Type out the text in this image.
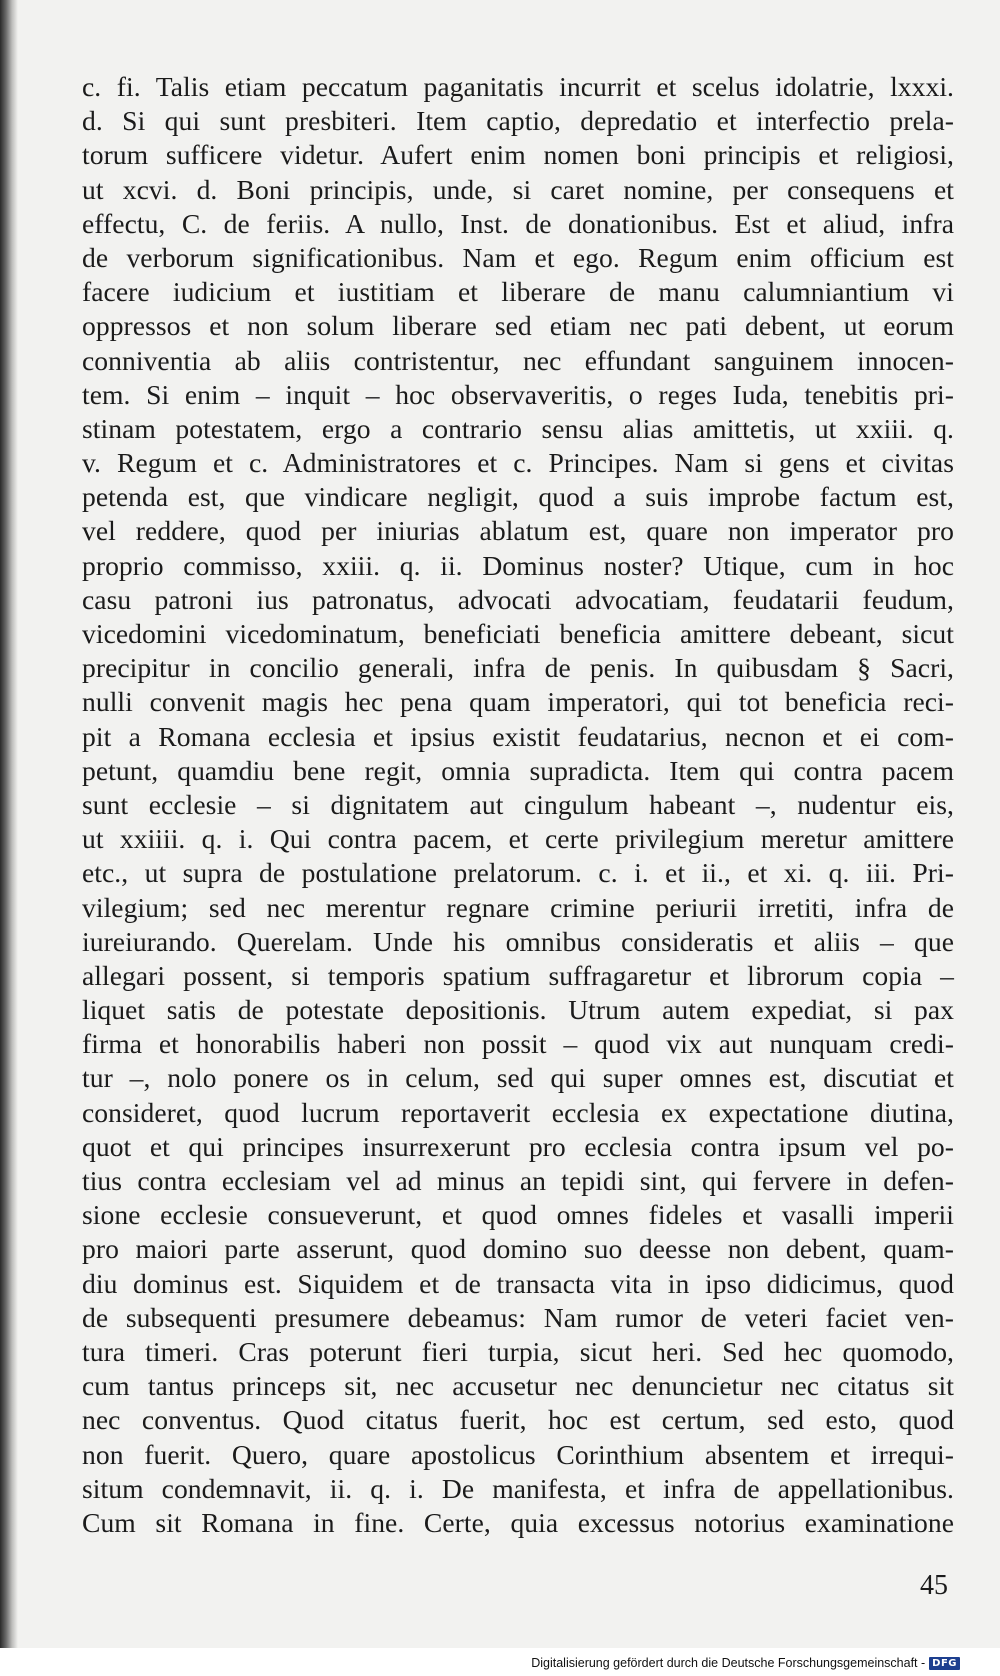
c. fi. Talis etiam peccatum paganitatis incurrit et scelus idolatrie, lxxxi.
d. Si qui sunt presbiteri. Item captio, depredatio et interfectio prela-
torum sufficere videtur. Aufert enim nomen boni principis et religiosi,
ut xcvi. d. Boni principis, unde, si caret nomine, per consequens et
effectu, C. de feriis. A nullo, Inst. de donationibus. Est et aliud, infra
de verborum significationibus. Nam et ego. Regum enim officium est
facere iudicium et iustitiam et liberare de manu calumniantium vi
oppressos et non solum liberare sed etiam nec pati debent, ut eorum
conniventia ab aliis contristentur, nec effundant sanguinem innocen-
tem. Si enim – inquit – hoc observaveritis, o reges Iuda, tenebitis pri-
stinam potestatem, ergo a contrario sensu alias amittetis, ut xxiii. q.
v. Regum et c. Administratores et c. Principes. Nam si gens et civitas
petenda est, que vindicare negligit, quod a suis improbe factum est,
vel reddere, quod per iniurias ablatum est, quare non imperator pro
proprio commisso, xxiii. q. ii. Dominus noster? Utique, cum in hoc
casu patroni ius patronatus, advocati advocatiam, feudatarii feudum,
vicedomini vicedominatum, beneficiati beneficia amittere debeant, sicut
precipitur in concilio generali, infra de penis. In quibusdam § Sacri,
nulli convenit magis hec pena quam imperatori, qui tot beneficia reci-
pit a Romana ecclesia et ipsius existit feudatarius, necnon et ei com-
petunt, quamdiu bene regit, omnia supradicta. Item qui contra pacem
sunt ecclesie – si dignitatem aut cingulum habeant –, nudentur eis,
ut xxiiii. q. i. Qui contra pacem, et certe privilegium meretur amittere
etc., ut supra de postulatione prelatorum. c. i. et ii., et xi. q. iii. Pri-
vilegium; sed nec merentur regnare crimine periurii irretiti, infra de
iureiurando. Querelam. Unde his omnibus consideratis et aliis – que
allegari possent, si temporis spatium suffragaretur et librorum copia –
liquet satis de potestate depositionis. Utrum autem expediat, si pax
firma et honorabilis haberi non possit – quod vix aut nunquam credi-
tur –, nolo ponere os in celum, sed qui super omnes est, discutiat et
consideret, quod lucrum reportaverit ecclesia ex expectatione diutina,
quot et qui principes insurrexerunt pro ecclesia contra ipsum vel po-
tius contra ecclesiam vel ad minus an tepidi sint, qui fervere in defen-
sione ecclesie consueverunt, et quod omnes fideles et vasalli imperii
pro maiori parte asserunt, quod domino suo deesse non debent, quam-
diu dominus est. Siquidem et de transacta vita in ipso didicimus, quod
de subsequenti presumere debeamus: Nam rumor de veteri faciet ven-
tura timeri. Cras poterunt fieri turpia, sicut heri. Sed hec quomodo,
cum tantus princeps sit, nec accusetur nec denuncietur nec citatus sit
nec conventus. Quod citatus fuerit, hoc est certum, sed esto, quod
non fuerit. Quero, quare apostolicus Corinthium absentem et irrequi-
situm condemnavit, ii. q. i. De manifesta, et infra de appellationibus.
Cum sit Romana in fine. Certe, quia excessus notorius examinatione
45
Digitalisierung gefördert durch die Deutsche Forschungsgemeinschaft - DFG
